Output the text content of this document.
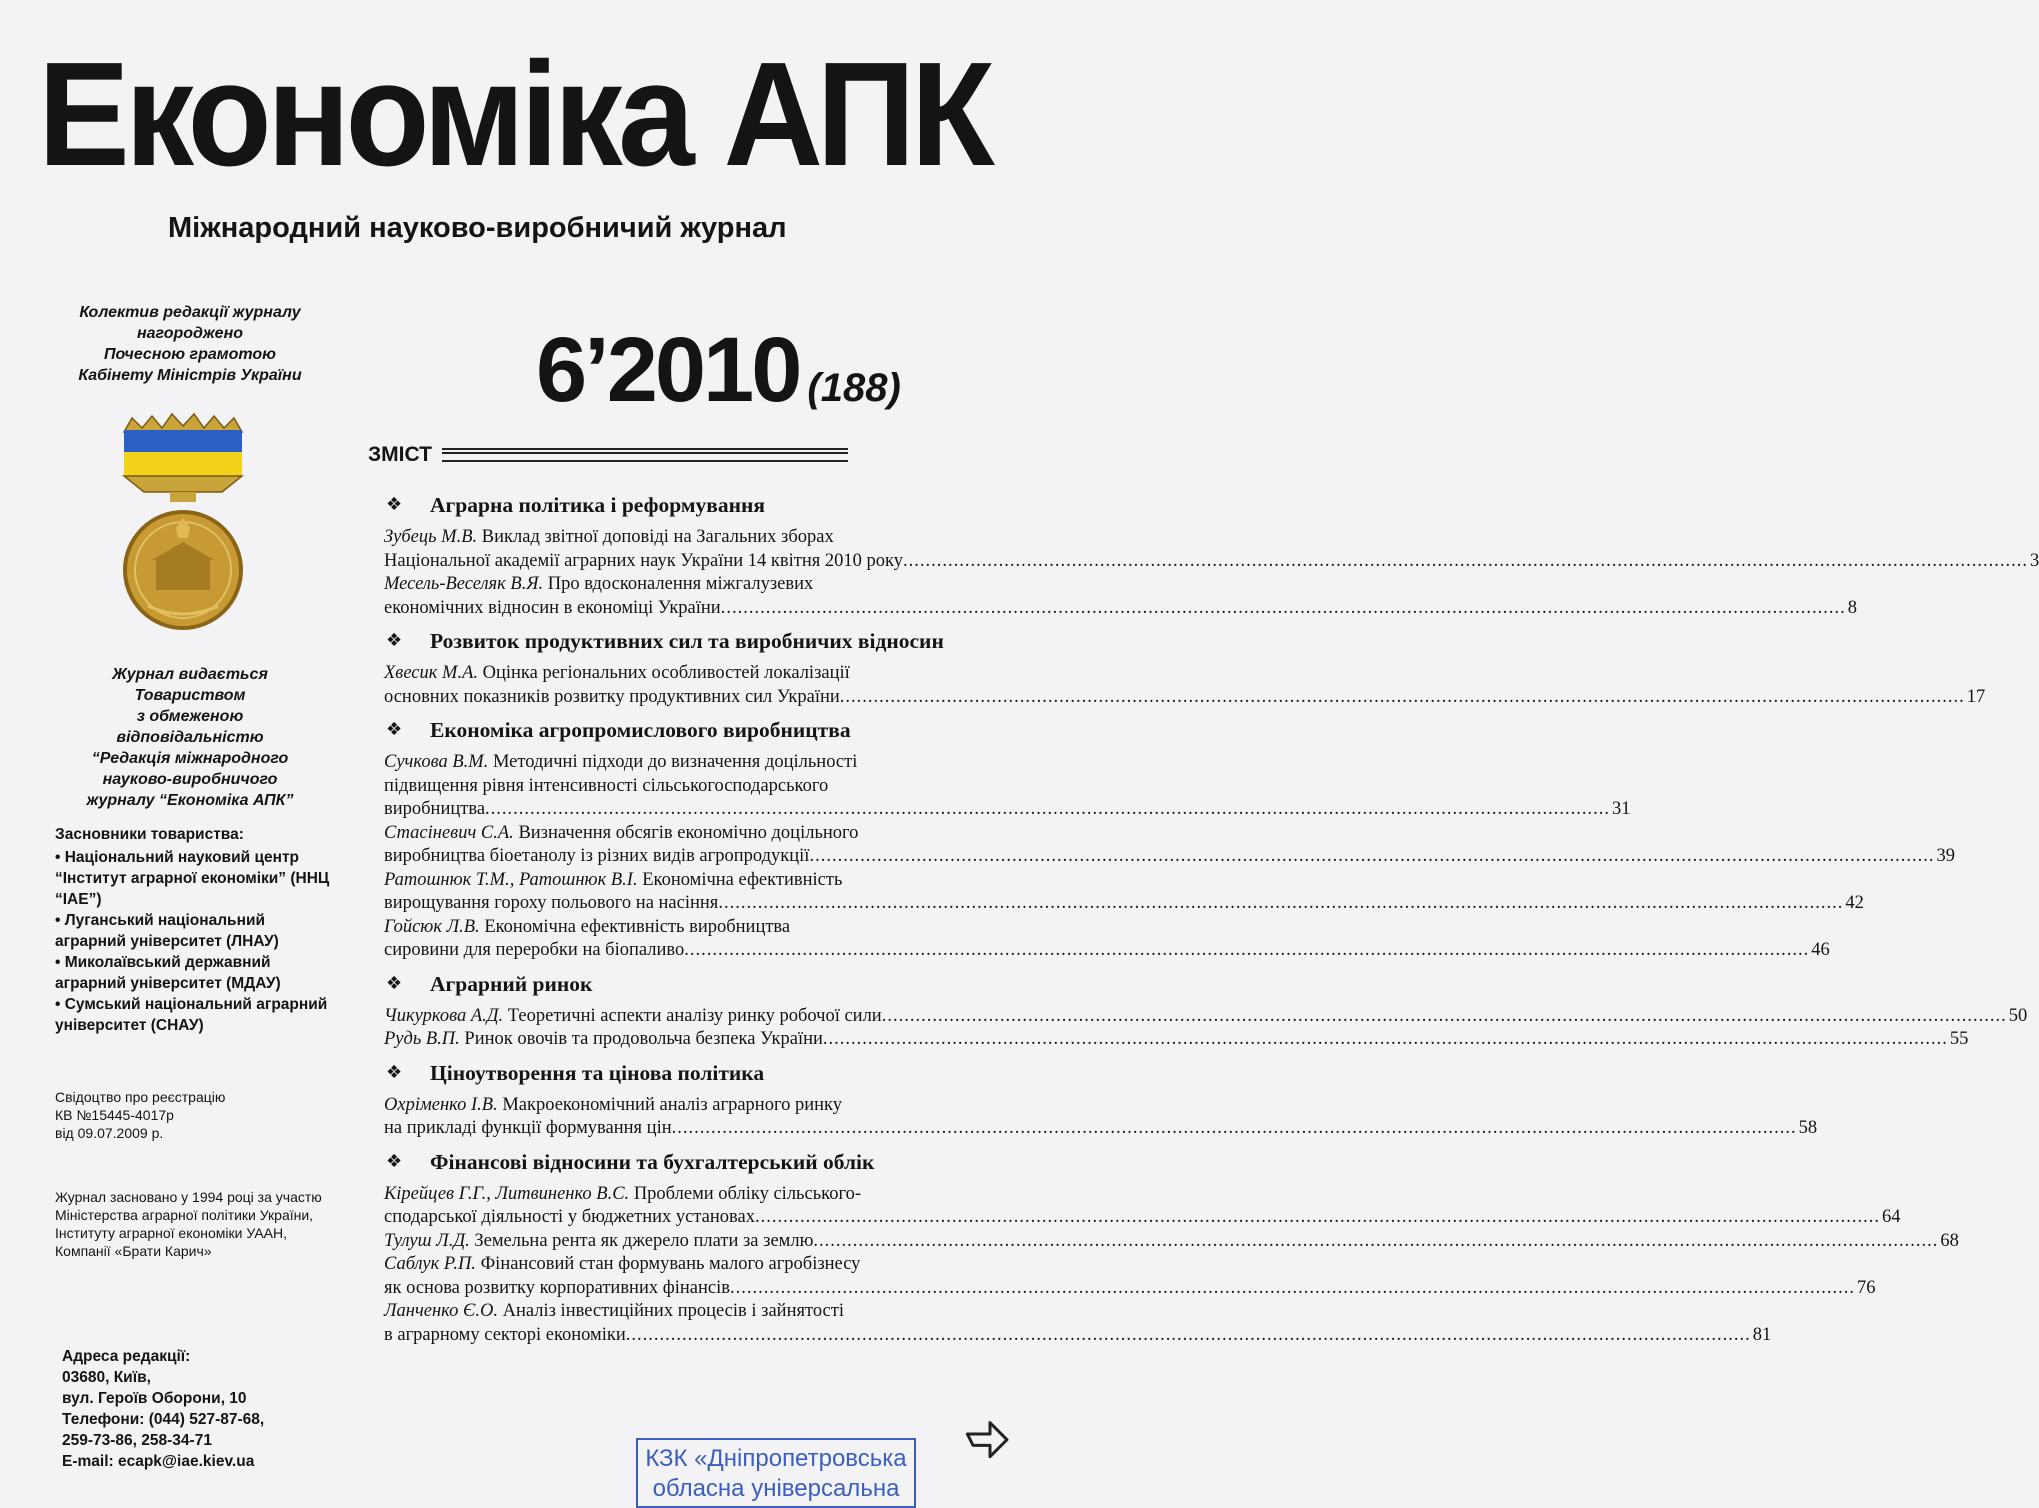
Економіка АПК
Міжнародний науково-виробничий журнал
6’2010 (188)
Колектив редакції журналу
нагороджено
Почесною грамотою
Кабінету Міністрів України
Журнал видається
Товариством
з обмеженою
відповідальністю
“Редакція міжнародного
науково-виробничого
журналу “Економіка АПК”
Засновники товариства:
• Національний науковий центр “Інститут аграрної економіки” (ННЦ “ІАЕ”)
• Луганський національний аграрний університет (ЛНАУ)
• Миколаївський державний аграрний університет (МДАУ)
• Сумський національний аграрний університет (СНАУ)
Свідоцтво про реєстрацію
КВ №15445-4017р
від 09.07.2009 р.
Журнал засновано у 1994 році за участю Міністерства аграрної політики України, Інституту аграрної економіки УААН, Компанії «Брати Карич»
Адреса редакції:
03680, Київ,
вул. Героїв Оборони, 10
Телефони: (044) 527-87-68,
259-73-86, 258-34-71
E-mail: ecapk@iae.kiev.ua
ЗМІСТ
❖ Аграрна політика і реформування
Зубець М.В. Виклад звітної доповіді на Загальних зборах
Національної академії аграрних наук України 14 квітня 2010 року ........................................................................................................................................................................................................ 3
Месель-Веселяк В.Я. Про вдосконалення міжгалузевих
економічних відносин в економіці України ........................................................................................................................................................................................................ 8
❖ Розвиток продуктивних сил та виробничих відносин
Хвесик М.А. Оцінка регіональних особливостей локалізації
основних показників розвитку продуктивних сил України ........................................................................................................................................................................................................ 17
❖ Економіка агропромислового виробництва
Сучкова В.М. Методичні підходи до визначення доцільності
підвищення рівня інтенсивності сільськогосподарського
виробництва ........................................................................................................................................................................................................ 31
Стасіневич С.А. Визначення обсягів економічно доцільного
виробництва біоетанолу із різних видів агропродукції ........................................................................................................................................................................................................ 39
Ратошнюк Т.М., Ратошнюк В.І. Економічна ефективність
вирощування гороху польового на насіння ........................................................................................................................................................................................................ 42
Гойсюк Л.В. Економічна ефективність виробництва
сировини для переробки на біопаливо ........................................................................................................................................................................................................ 46
❖ Аграрний ринок
Чикуркова А.Д. Теоретичні аспекти аналізу ринку робочої сили ........................................................................................................................................................................................................ 50
Рудь В.П. Ринок овочів та продовольча безпека України ........................................................................................................................................................................................................ 55
❖ Ціноутворення та цінова політика
Охріменко І.В. Макроекономічний аналіз аграрного ринку
на прикладі функції формування цін ........................................................................................................................................................................................................ 58
❖ Фінансові відносини та бухгалтерський облік
Кірейцев Г.Г., Литвиненко В.С. Проблеми обліку сільського-
сподарської діяльності у бюджетних установах ........................................................................................................................................................................................................ 64
Тулуш Л.Д. Земельна рента як джерело плати за землю ........................................................................................................................................................................................................ 68
Саблук Р.П. Фінансовий стан формувань малого агробізнесу
як основа розвитку корпоративних фінансів ........................................................................................................................................................................................................ 76
Ланченко Є.О. Аналіз інвестиційних процесів і зайнятості
в аграрному секторі економіки ........................................................................................................................................................................................................ 81
КЗК «Дніпропетровська
обласна універсальна
